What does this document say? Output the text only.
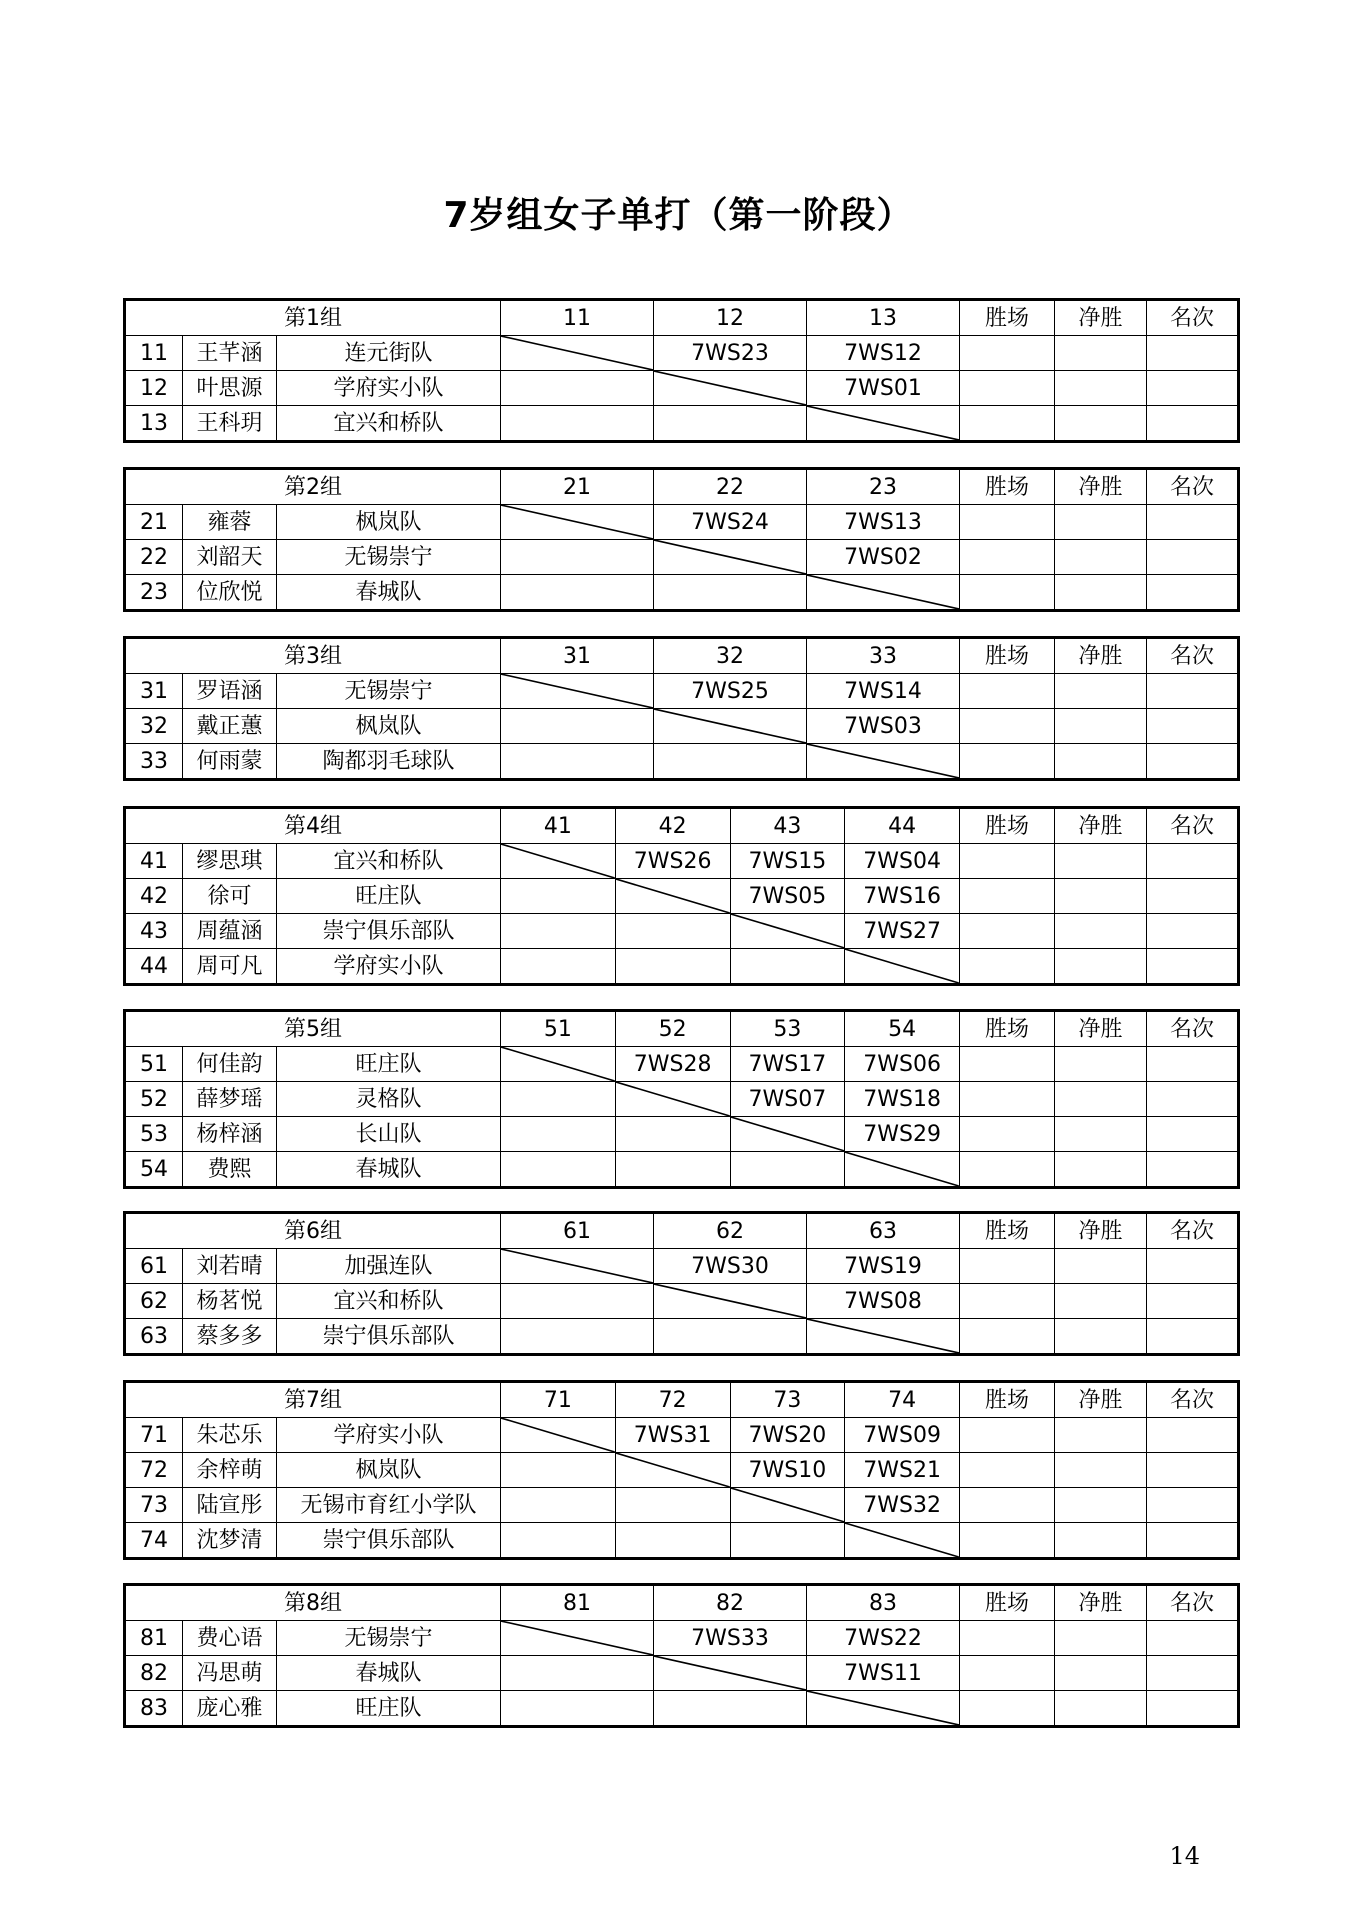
7岁组女子单打（第一阶段）
第1组			11	12	13	胜场	净胜	名次
11	王芊涵	连元街队		7WS23	7WS12			
12	叶思源	学府实小队			7WS01			
13	王科玥	宜兴和桥队			

第2组			21	22	23	胜场	净胜	名次
21	雍蓉	枫岚队		7WS24	7WS13			
22	刘韶天	无锡崇宁			7WS02			
23	位欣悦	春城队			

第3组			31	32	33	胜场	净胜	名次
31	罗语涵	无锡崇宁		7WS25	7WS14			
32	戴正蕙	枫岚队			7WS03			
33	何雨蒙	陶都羽毛球队			

第4组			41	42	43	44	胜场	净胜	名次
41	缪思琪	宜兴和桥队		7WS26	7WS15	7WS04			
42	徐可	旺庄队			7WS05	7WS16			
43	周蕴涵	崇宁俱乐部队				7WS27			
44	周可凡	学府实小队				

第5组			51	52	53	54	胜场	净胜	名次
51	何佳韵	旺庄队		7WS28	7WS17	7WS06			
52	薛梦瑶	灵格队			7WS07	7WS18			
53	杨梓涵	长山队				7WS29			
54	费熙	春城队				

第6组			61	62	63	胜场	净胜	名次
61	刘若晴	加强连队		7WS30	7WS19			
62	杨茗悦	宜兴和桥队			7WS08			
63	蔡多多	崇宁俱乐部队			

第7组			71	72	73	74	胜场	净胜	名次
71	朱芯乐	学府实小队		7WS31	7WS20	7WS09			
72	余梓萌	枫岚队			7WS10	7WS21			
73	陆宣彤	无锡市育红小学队				7WS32			
74	沈梦清	崇宁俱乐部队				

第8组			81	82	83	胜场	净胜	名次
81	费心语	无锡崇宁		7WS33	7WS22			
82	冯思萌	春城队			7WS11			
83	庞心雅	旺庄队			

14
